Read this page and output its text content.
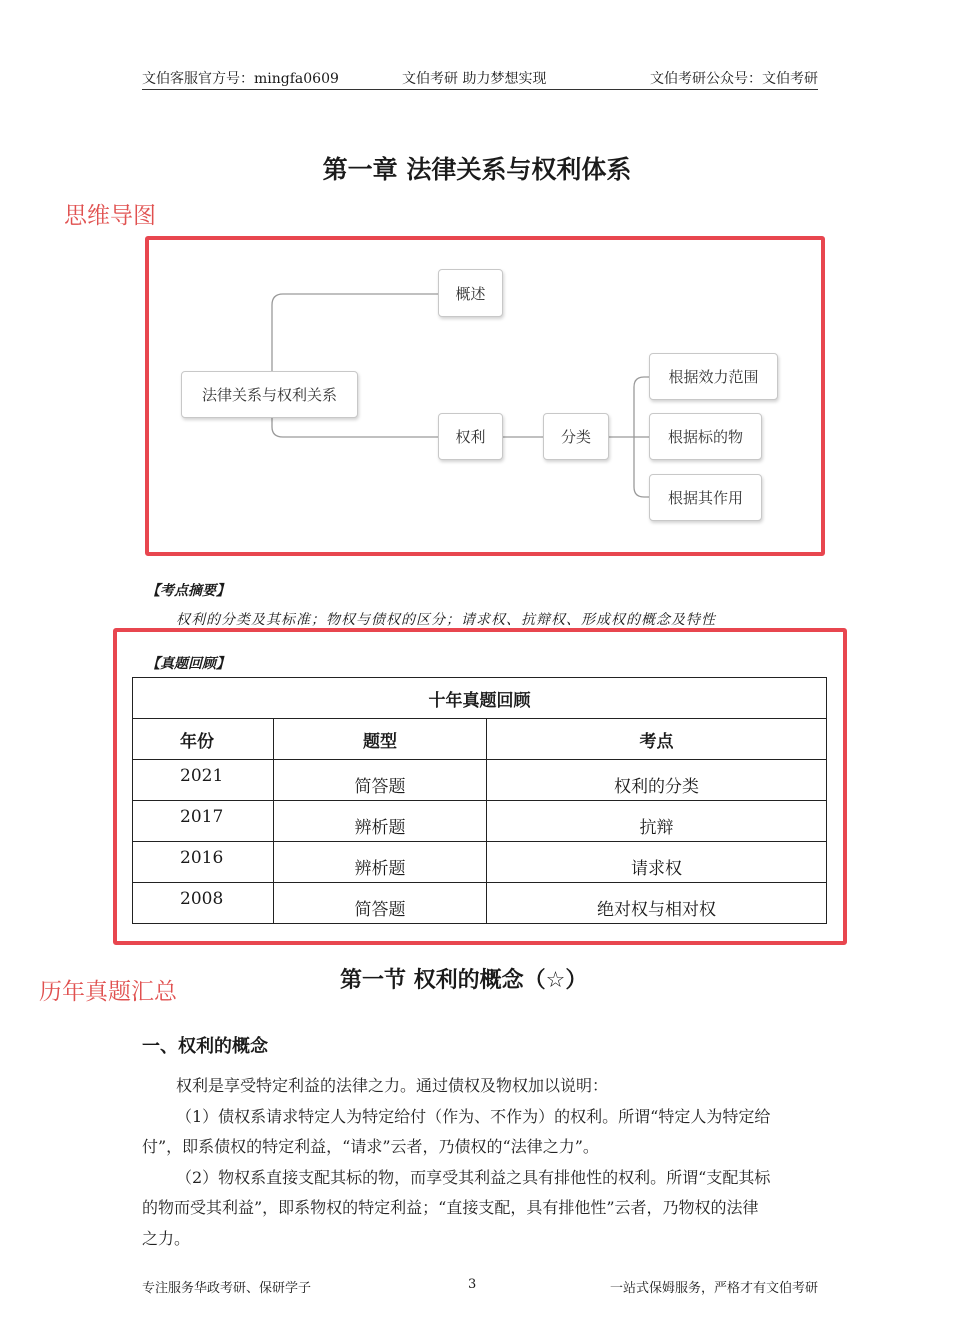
文伯客服官方号：mingfa0609	文伯考研 助力梦想实现	文伯考研公众号：文伯考研
第一章 法律关系与权利体系
思维导图
历年真题汇总
法律关系与权利关系
概述
权利	分类
根据效力范围
根据标的物
根据其作用
【考点摘要】
权利的分类及其标准；物权与债权的区分；请求权、抗辩权、形成权的概念及特性
【真题回顾】
十年真题回顾		
年份	题型	考点
2021	简答题	权利的分类
2017	辨析题	抗辩
2016	辨析题	请求权
2008	简答题	绝对权与相对权
第一节 权利的概念（☆）
一、权利的概念
权利是享受特定利益的法律之力。通过债权及物权加以说明：
（1）债权系请求特定人为特定给付（作为、不作为）的权利。所谓“特定人为特定给
付”，即系债权的特定利益，“请求”云者，乃债权的“法律之力”。
（2）物权系直接支配其标的物，而享受其利益之具有排他性的权利。所谓“支配其标
的物而受其利益”，即系物权的特定利益；“直接支配，具有排他性”云者，乃物权的法律
之力。
专注服务华政考研、保研学子	3	一站式保姆服务，严格才有文伯考研
